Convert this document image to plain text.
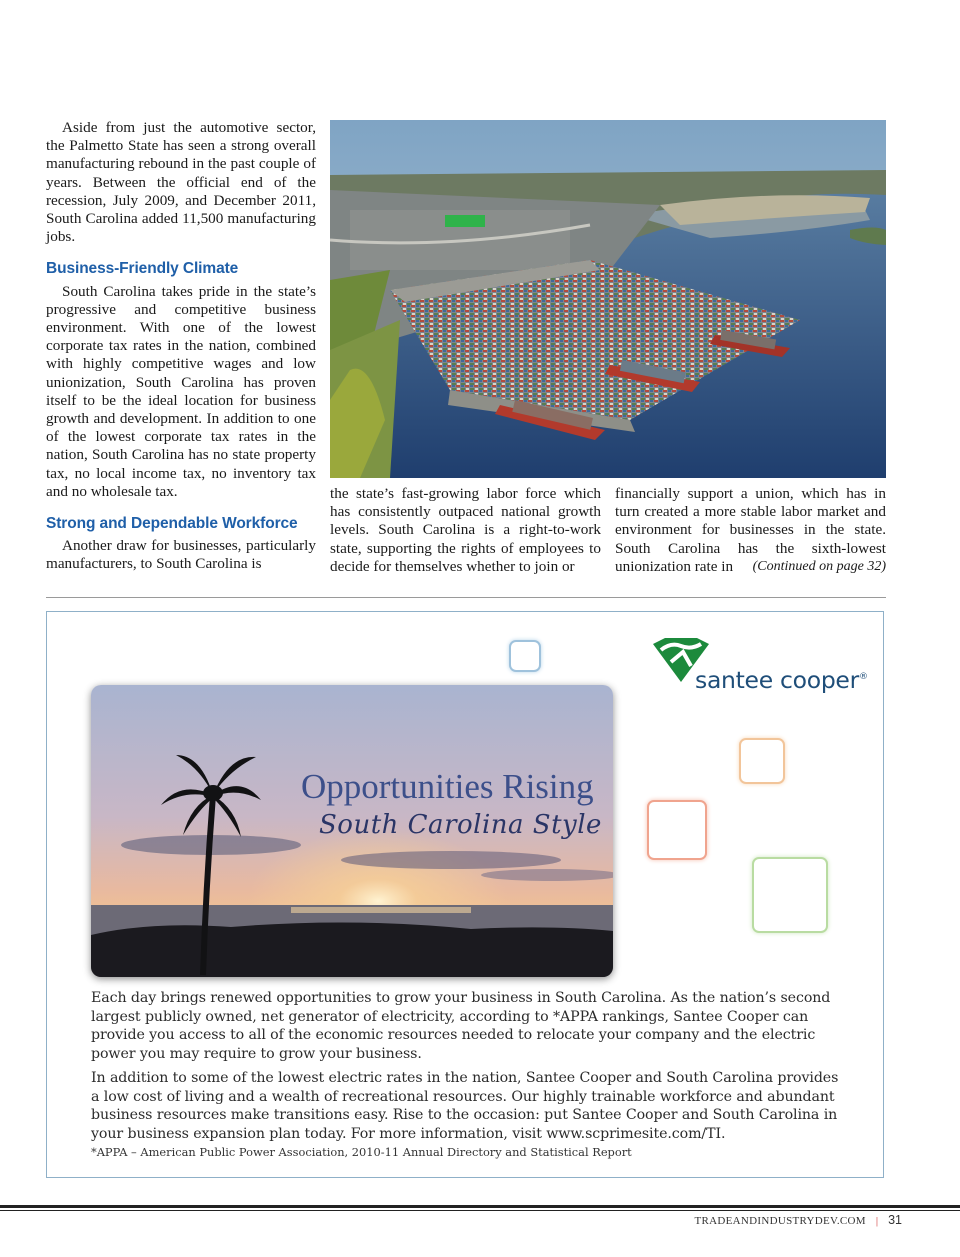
Aside from just the automotive sector, the Palmetto State has seen a strong overall manufacturing rebound in the past couple of years. Between the official end of the recession, July 2009, and December 2011, South Carolina added 11,500 manufacturing jobs.

Business-Friendly Climate

South Carolina takes pride in the state’s progressive and competitive business environment. With one of the lowest corporate tax rates in the nation, combined with highly competitive wages and low unionization, South Carolina has proven itself to be the ideal location for business growth and development. In addition to one of the lowest corporate tax rates in the nation, South Carolina has no state property tax, no local income tax, no inventory tax and no wholesale tax.

Strong and Dependable Workforce

Another draw for businesses, particularly manufacturers, to South Carolina is

the state’s fast-growing labor force which has consistently outpaced national growth levels. South Carolina is a right-to-work state, supporting the rights of employees to decide for themselves whether to join or

financially support a union, which has in turn created a more stable labor market and environment for businesses in the state. South Carolina has the sixth-lowest unionization rate in (Continued on page 32)

santee cooper®
Opportunities Rising
South Carolina Style
Each day brings renewed opportunities to grow your business in South Carolina. As the nation’s second largest publicly owned, net generator of electricity, according to *APPA rankings, Santee Cooper can provide you access to all of the economic resources needed to relocate your company and the electric power you may require to grow your business.
In addition to some of the lowest electric rates in the nation, Santee Cooper and South Carolina provides a low cost of living and a wealth of recreational resources. Our highly trainable workforce and abundant business resources make transitions easy. Rise to the occasion: put Santee Cooper and South Carolina in your business expansion plan today. For more information, visit www.scprimesite.com/TI.
*APPA – American Public Power Association, 2010-11 Annual Directory and Statistical Report
TRADEANDINDUSTRYDEV.COM | 31
